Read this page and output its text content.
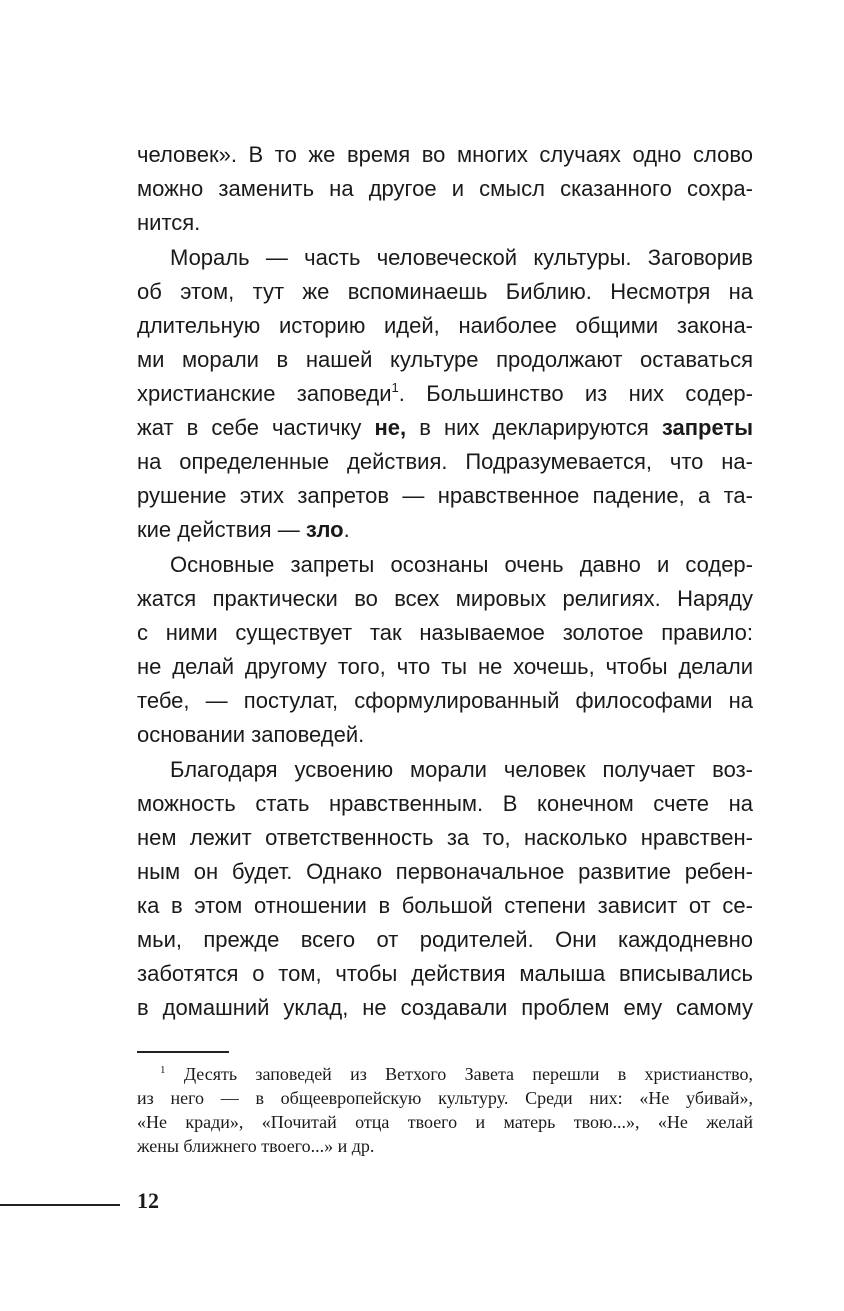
человек». В то же время во многих случаях одно слово
можно заменить на другое и смысл сказанного сохра-
нится.
Мораль — часть человеческой культуры. Заговорив
об этом, тут же вспоминаешь Библию. Несмотря на
длительную историю идей, наиболее общими закона-
ми морали в нашей культуре продолжают оставаться
христианские заповеди$^1$. Большинство из них содер-
жат в себе частичку не, в них декларируются запреты
на определенные действия. Подразумевается, что на-
рушение этих запретов — нравственное падение, а та-
кие действия — зло.
Основные запреты осознаны очень давно и содер-
жатся практически во всех мировых религиях. Наряду
с ними существует так называемое золотое правило:
не делай другому того, что ты не хочешь, чтобы делали
тебе, — постулат, сформулированный философами на
основании заповедей.
Благодаря усвоению морали человек получает воз-
можность стать нравственным. В конечном счете на
нем лежит ответственность за то, насколько нравствен-
ным он будет. Однако первоначальное развитие ребен-
ка в этом отношении в большой степени зависит от се-
мьи, прежде всего от родителей. Они каждодневно
заботятся о том, чтобы действия малыша вписывались
в домашний уклад, не создавали проблем ему самому
$^1$ Десять заповедей из Ветхого Завета перешли в христианство,
из него — в общеевропейскую культуру. Среди них: «Не убивай»,
«Не кради», «Почитай отца твоего и матерь твою...», «Не желай
жены ближнего твоего...» и др.
12
